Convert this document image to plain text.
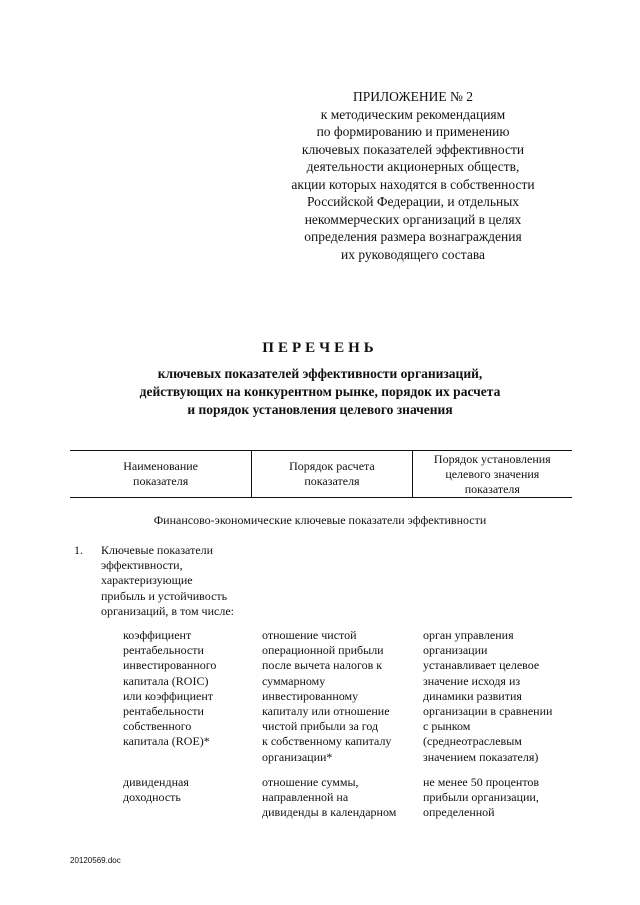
ПРИЛОЖЕНИЕ № 2
к методическим рекомендациям
по формированию и применению
ключевых показателей эффективности
деятельности акционерных обществ,
акции которых находятся в собственности
Российской Федерации, и отдельных
некоммерческих организаций в целях
определения размера вознаграждения
их руководящего состава
ПЕРЕЧЕНЬ
ключевых показателей эффективности организаций,
действующих на конкурентном рынке, порядок их расчета
и порядок установления целевого значения
Наименование
показателя
Порядок расчета
показателя
Порядок установления
целевого значения
показателя
Финансово-экономические ключевые показатели эффективности
1. Ключевые показатели
эффективности,
характеризующие
прибыль и устойчивость
организаций, в том числе:
коэффициент
рентабельности
инвестированного
капитала (ROIC)
или коэффициент
рентабельности
собственного
капитала (ROE)*
отношение чистой
операционной прибыли
после вычета налогов к
суммарному
инвестированному
капиталу или отношение
чистой прибыли за год
к собственному капиталу
организации*
орган управления
организации
устанавливает целевое
значение исходя из
динамики развития
организации в сравнении
с рынком
(среднеотраслевым
значением показателя)
дивидендная
доходность
отношение суммы,
направленной на
дивиденды в календарном
не менее 50 процентов
прибыли организации,
определенной
20120569.doc
